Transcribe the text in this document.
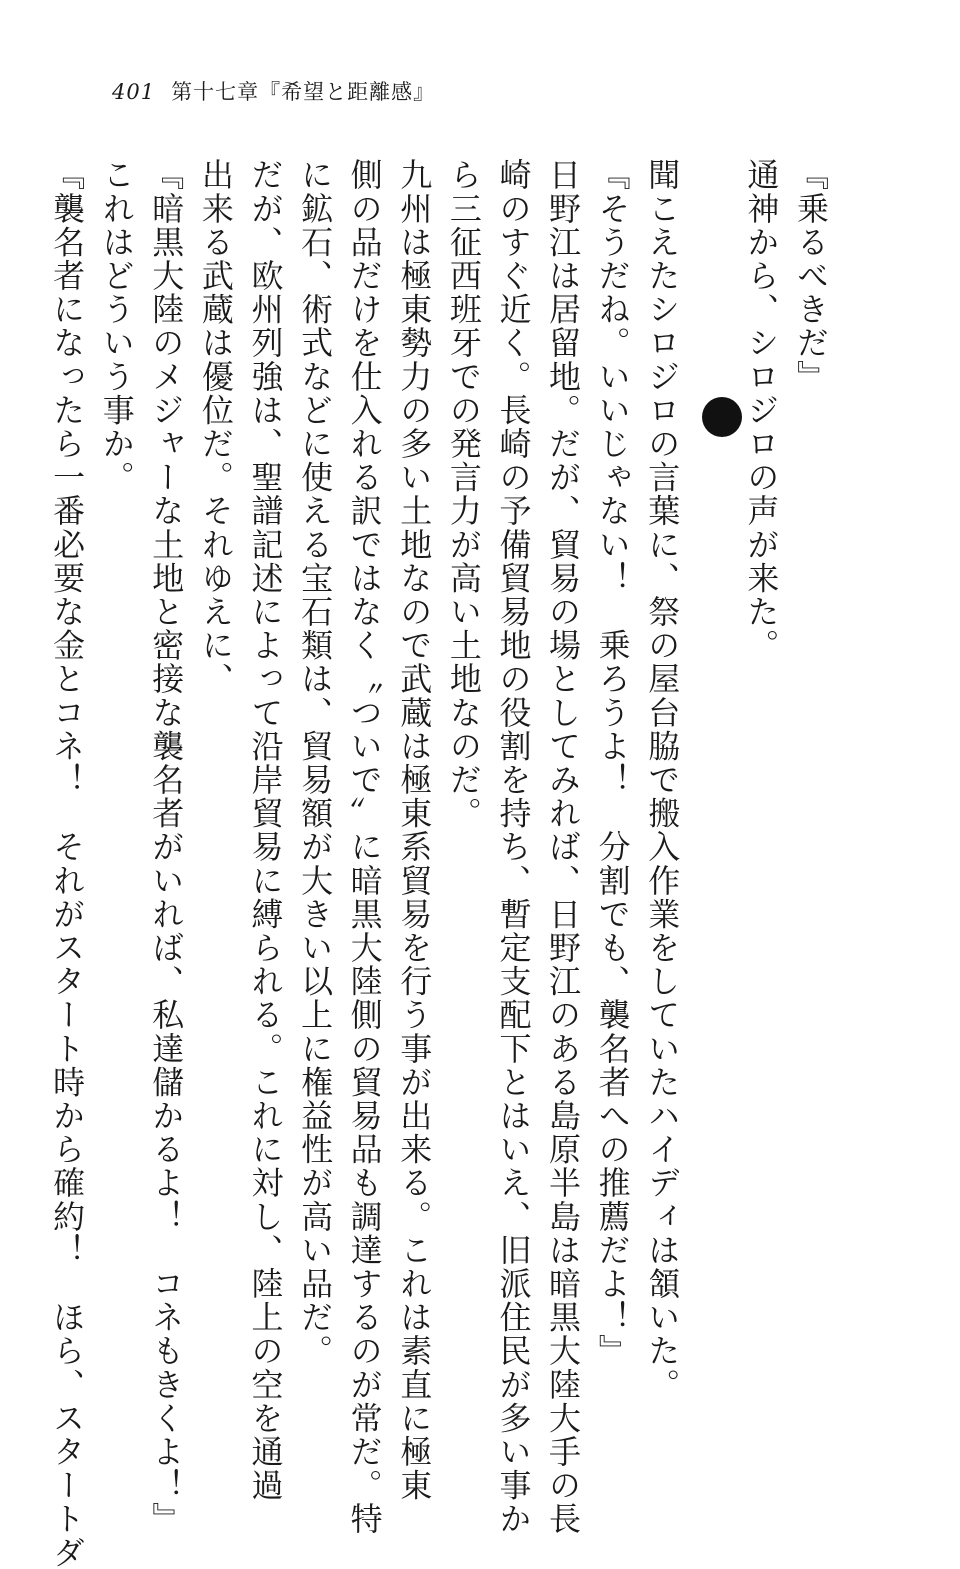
401 第十七章『希望と距離感』
『乗るべきだ』
通神から、シロジロの声が来た。
聞こえたシロジロの言葉に、祭の屋台脇で搬入作業をしていたハイディは頷いた。
『そうだね。いいじゃない！　乗ろうよ！　分割でも、襲名者への推薦だよ！』
日野江は居留地。だが、貿易の場としてみれば、日野江のある島原半島は暗黒大陸大手の長
崎のすぐ近く。長崎の予備貿易地の役割を持ち、暫定支配下とはいえ、旧派住民が多い事か
ら三征西班牙での発言力が高い土地なのだ。
九州は極東勢力の多い土地なので武蔵は極東系貿易を行う事が出来る。これは素直に極東
側の品だけを仕入れる訳ではなく〝ついで〟に暗黒大陸側の貿易品も調達するのが常だ。特
に鉱石、術式などに使える宝石類は、貿易額が大きい以上に権益性が高い品だ。
だが、欧州列強は、聖譜記述によって沿岸貿易に縛られる。これに対し、陸上の空を通過
出来る武蔵は優位だ。それゆえに、
『暗黒大陸のメジャーな土地と密接な襲名者がいれば、私達儲かるよ！　コネもきくよ！』
これはどういう事か。
『襲名者になったら一番必要な金とコネ！　それがスタート時から確約！　ほら、スタートダ
